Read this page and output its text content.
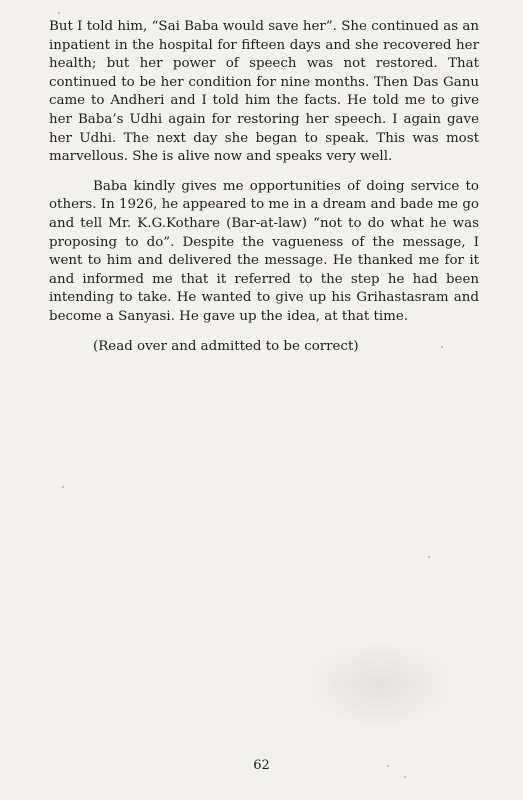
But I told him, “Sai Baba would save her”. She continued as an inpatient in the hospital for fifteen days and she recovered her health; but her power of speech was not restored. That continued to be her condition for nine months. Then Das Ganu came to Andheri and I told him the facts. He told me to give her Baba’s Udhi again for restoring her speech. I again gave her Udhi. The next day she began to speak. This was most marvellous. She is alive now and speaks very well.

Baba kindly gives me opportunities of doing service to others. In 1926, he appeared to me in a dream and bade me go and tell Mr. K.G.Kothare (Bar-at-law) “not to do what he was proposing to do”. Despite the vagueness of the message, I went to him and delivered the message. He thanked me for it and informed me that it referred to the step he had been intending to take. He wanted to give up his Grihastasram and become a Sanyasi. He gave up the idea, at that time.

(Read over and admitted to be correct)

62
